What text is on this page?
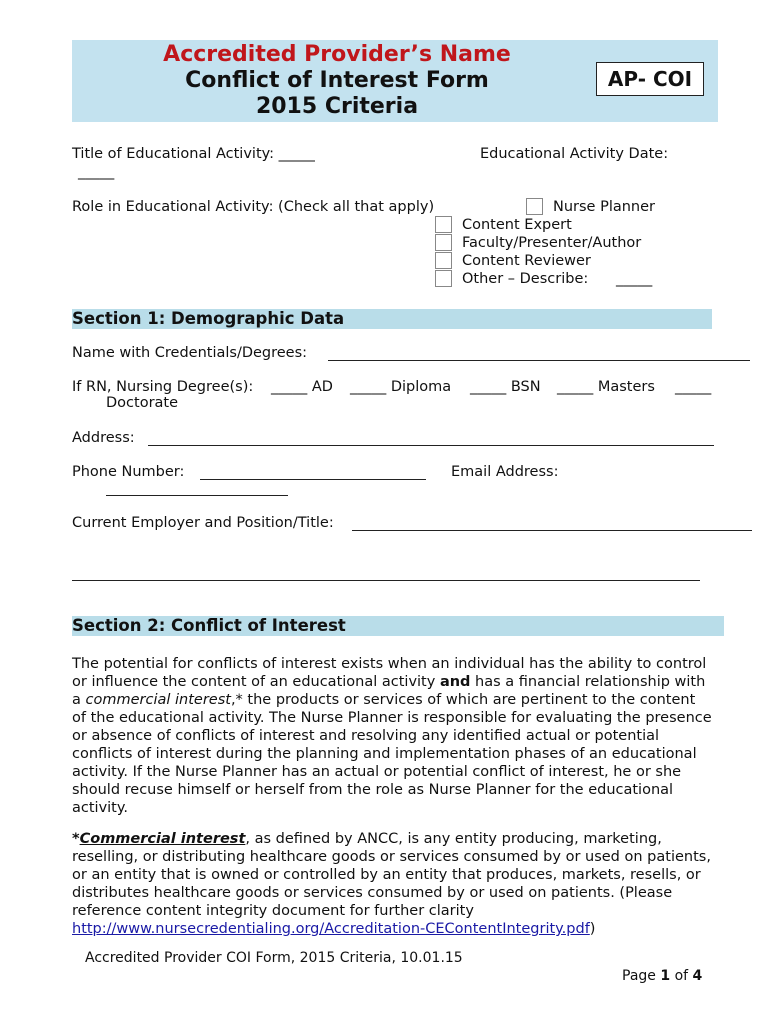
Accredited Provider’s Name
Conflict of Interest Form
2015 Criteria
AP- COI
Title of Educational Activity: _____
_____
Educational Activity Date:
Role in Educational Activity: (Check all that apply)	Nurse Planner
Content Expert
Faculty/Presenter/Author
Content Reviewer
Other – Describe: _____
Section 1: Demographic Data
Name with Credentials/Degrees:
If RN, Nursing Degree(s): _____ AD _____ Diploma _____ BSN _____ Masters _____
Doctorate
Address:
Phone Number:	Email Address:
Current Employer and Position/Title:
Section 2: Conflict of Interest
The potential for conflicts of interest exists when an individual has the ability to control or influence the content of an educational activity and has a financial relationship with a commercial interest,* the products or services of which are pertinent to the content of the educational activity. The Nurse Planner is responsible for evaluating the presence or absence of conflicts of interest and resolving any identified actual or potential conflicts of interest during the planning and implementation phases of an educational activity. If the Nurse Planner has an actual or potential conflict of interest, he or she should recuse himself or herself from the role as Nurse Planner for the educational activity.
*Commercial interest, as defined by ANCC, is any entity producing, marketing, reselling, or distributing healthcare goods or services consumed by or used on patients, or an entity that is owned or controlled by an entity that produces, markets, resells, or distributes healthcare goods or services consumed by or used on patients. (Please reference content integrity document for further clarity http://www.nursecredentialing.org/Accreditation-CEContentIntegrity.pdf)
Accredited Provider COI Form, 2015 Criteria, 10.01.15
Page 1 of 4
